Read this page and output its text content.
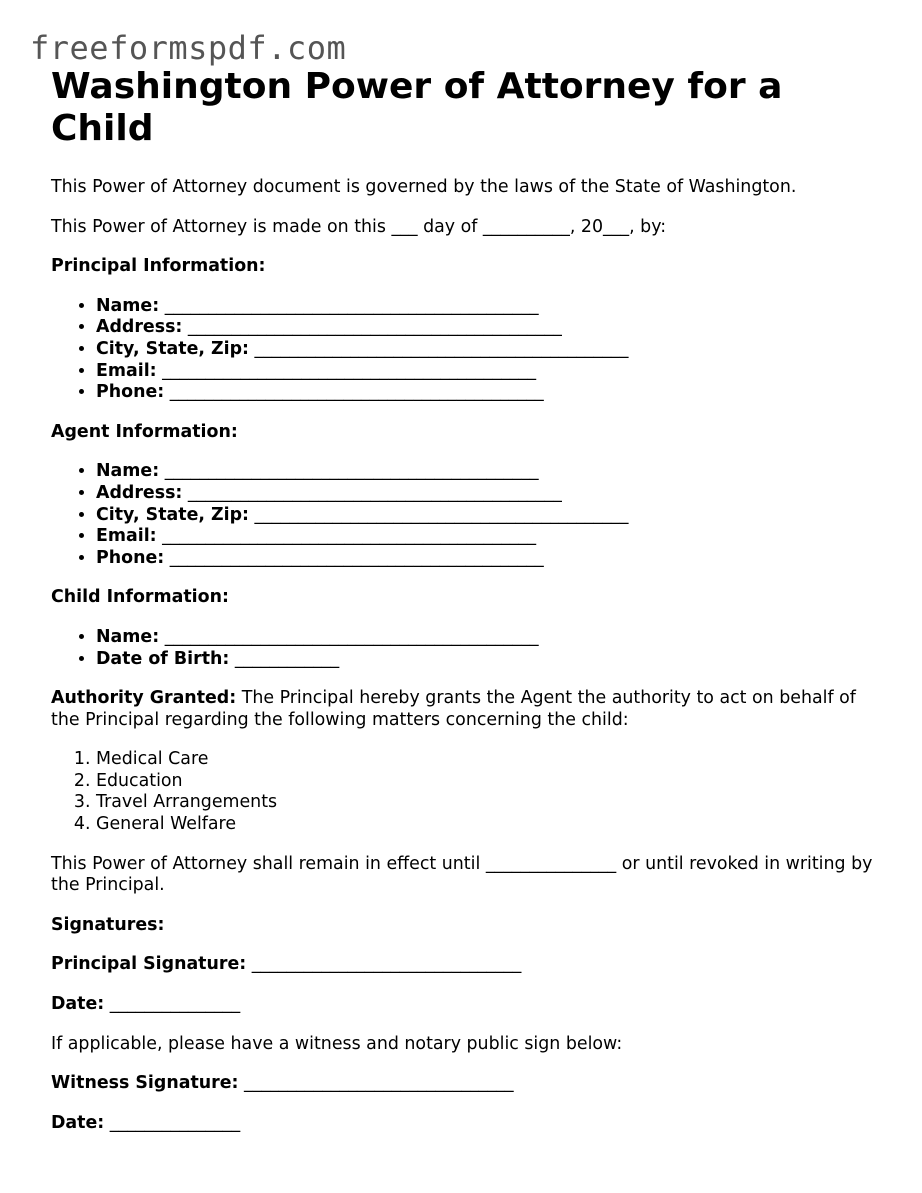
freeformspdf.com
Washington Power of Attorney for a Child

This Power of Attorney document is governed by the laws of the State of Washington.

This Power of Attorney is made on this ___ day of __________, 20___, by:

Principal Information:

• Name: ___________________________________________
• Address: ___________________________________________
• City, State, Zip: ___________________________________________
• Email: ___________________________________________
• Phone: ___________________________________________

Agent Information:

• Name: ___________________________________________
• Address: ___________________________________________
• City, State, Zip: ___________________________________________
• Email: ___________________________________________
• Phone: ___________________________________________

Child Information:

• Name: ___________________________________________
• Date of Birth: ____________

Authority Granted: The Principal hereby grants the Agent the authority to act on behalf of the Principal regarding the following matters concerning the child:

1. Medical Care
2. Education
3. Travel Arrangements
4. General Welfare

This Power of Attorney shall remain in effect until _______________ or until revoked in writing by the Principal.

Signatures:

Principal Signature: _______________________________

Date: _______________

If applicable, please have a witness and notary public sign below:

Witness Signature: _______________________________

Date: _______________
